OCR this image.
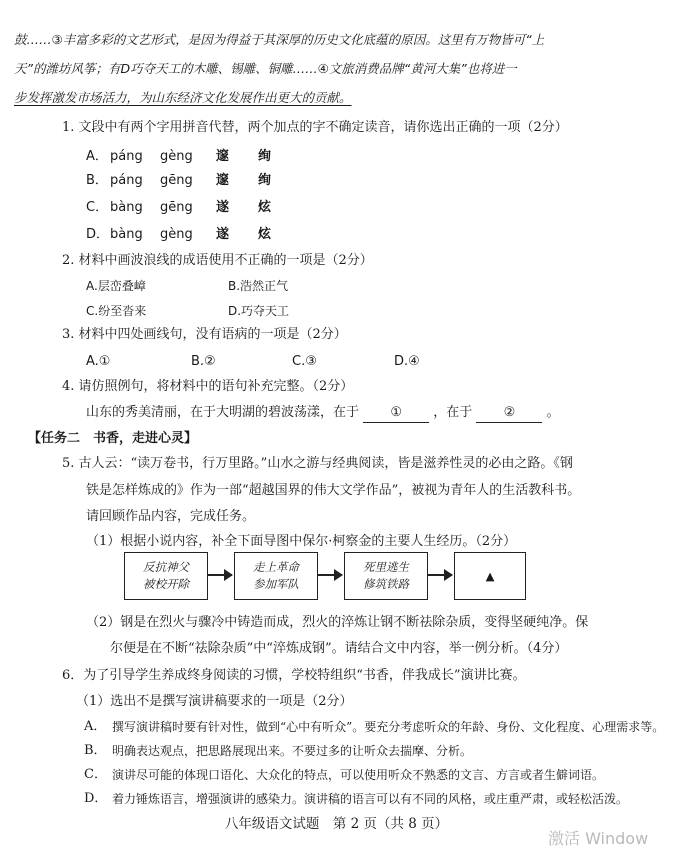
鼓……③丰富多彩的文艺形式，是因为得益于其深厚的历史文化底蕴的原因。这里有万物皆可“上
天”的潍坊风筝；有D巧夺天工的木雕、锡雕、铜雕……④文旅消费品牌“黄河大集”也将进一
步发挥激发市场活力，为山东经济文化发展作出更大的贡献。
1. 文段中有两个字用拼音代替，两个加点的字不确定读音，请你选出正确的一项（2分）
A． páng gèng 邃 绚
B． páng gēng 邃 绚
C． bàng gēng 遂 炫
D． bàng gèng 遂 炫
2. 材料中画波浪线的成语使用不正确的一项是（2分）
A.层峦叠嶂	B.浩然正气
C.纷至沓来	D.巧夺天工
3. 材料中四处画线句，没有语病的一项是（2分）
A.①	B.②	C.③	D.④
4. 请仿照例句，将材料中的语句补充完整。（2分）
山东的秀美清丽，在于大明湖的碧波荡漾，在于 ① ，在于 ② 。
【任务二　书香，走进心灵】
5. 古人云：“读万卷书，行万里路。”山水之游与经典阅读，皆是滋养性灵的必由之路。《钢
铁是怎样炼成的》作为一部“超越国界的伟大文学作品”，被视为青年人的生活教科书。
请回顾作品内容，完成任务。
（1）根据小说内容，补全下面导图中保尔·柯察金的主要人生经历。（2分）
反抗神父
被校开除
走上革命
参加军队
死里逃生
修筑铁路
▲
（2）钢是在烈火与骤冷中铸造而成，烈火的淬炼让钢不断祛除杂质，变得坚硬纯净。保
尔便是在不断“祛除杂质”中“淬炼成钢”。请结合文中内容，举一例分析。（4分）
6．为了引导学生养成终身阅读的习惯，学校特组织“书香，伴我成长”演讲比赛。
（1）选出不是撰写演讲稿要求的一项是（2分）
A． 撰写演讲稿时要有针对性，做到“心中有听众”。要充分考虑听众的年龄、身份、文化程度、心理需求等。
B． 明确表达观点，把思路展现出来。不要过多的让听众去揣摩、分析。
C． 演讲尽可能的体现口语化、大众化的特点，可以使用听众不熟悉的文言、方言或者生僻词语。
D． 着力锤炼语言，增强演讲的感染力。演讲稿的语言可以有不同的风格，或庄重严肃，或轻松活泼。
八年级语文试题　第 2 页（共 8 页）
激活 Window
